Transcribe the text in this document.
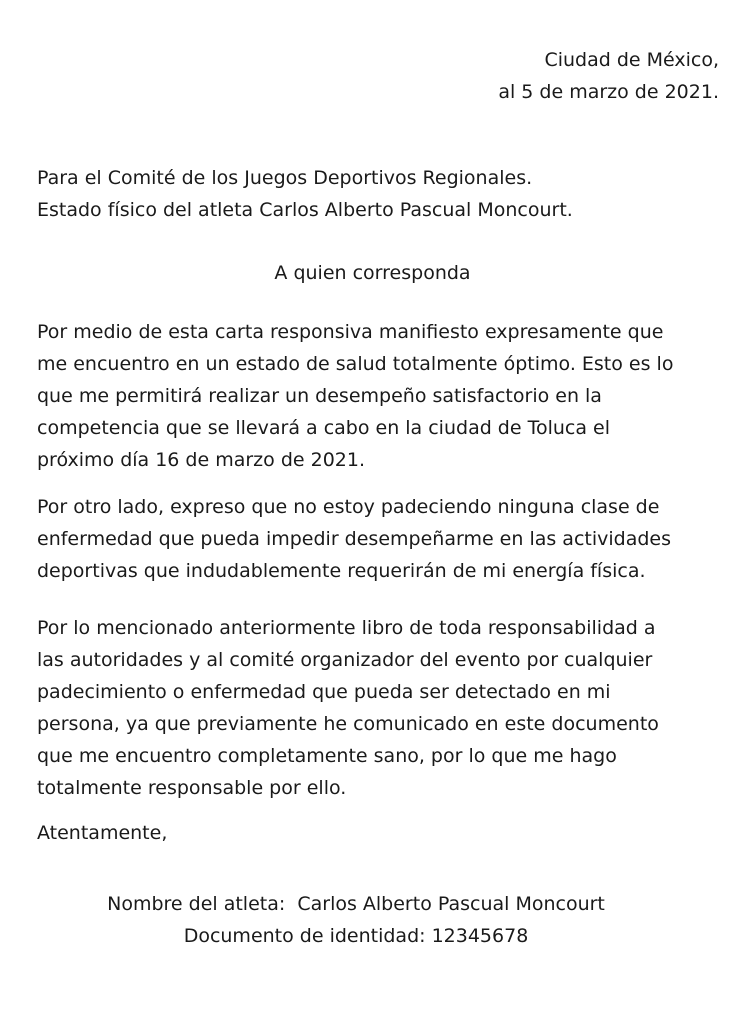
Ciudad de México,
al 5 de marzo de 2021.
Para el Comité de los Juegos Deportivos Regionales.
Estado físico del atleta Carlos Alberto Pascual Moncourt.
A quien corresponda
Por medio de esta carta responsiva manifiesto expresamente que
me encuentro en un estado de salud totalmente óptimo. Esto es lo
que me permitirá realizar un desempeño satisfactorio en la
competencia que se llevará a cabo en la ciudad de Toluca el
próximo día 16 de marzo de 2021.
Por otro lado, expreso que no estoy padeciendo ninguna clase de
enfermedad que pueda impedir desempeñarme en las actividades
deportivas que indudablemente requerirán de mi energía física.
Por lo mencionado anteriormente libro de toda responsabilidad a
las autoridades y al comité organizador del evento por cualquier
padecimiento o enfermedad que pueda ser detectado en mi
persona, ya que previamente he comunicado en este documento
que me encuentro completamente sano, por lo que me hago
totalmente responsable por ello.
Atentamente,
Nombre del atleta:  Carlos Alberto Pascual Moncourt
Documento de identidad: 12345678
